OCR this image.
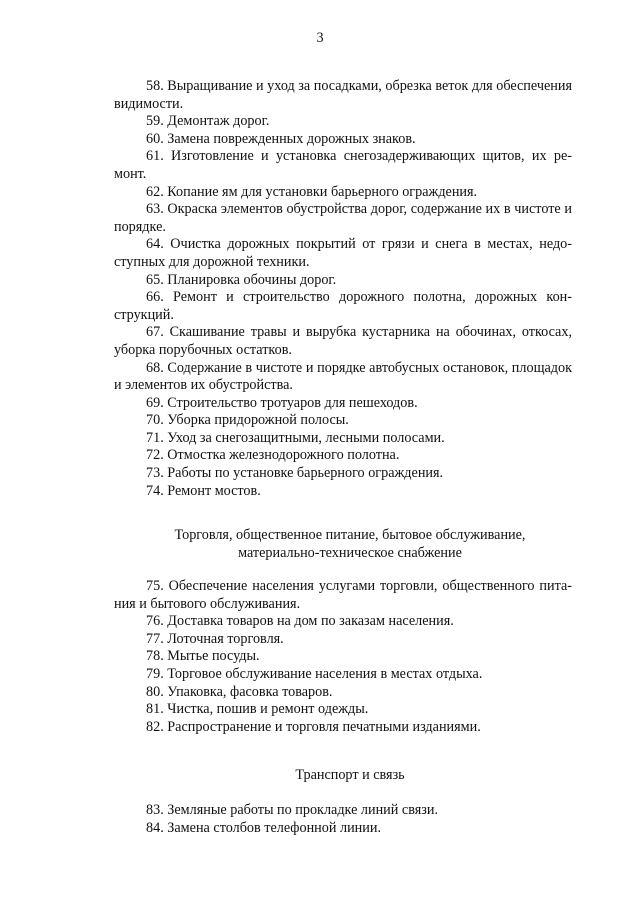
3

58. Выращивание и уход за посадками, обрезка веток для обеспечения видимости.

59. Демонтаж дорог.

60. Замена поврежденных дорожных знаков.

61. Изготовление и установка снегозадерживающих щитов, их ремонт.

62. Копание ям для установки барьерного ограждения.

63. Окраска элементов обустройства дорог, содержание их в чистоте и порядке.

64. Очистка дорожных покрытий от грязи и снега в местах, недоступных для дорожной техники.

65. Планировка обочины дорог.

66. Ремонт и строительство дорожного полотна, дорожных конструкций.

67. Скашивание травы и вырубка кустарника на обочинах, откосах, уборка порубочных остатков.

68. Содержание в чистоте и порядке автобусных остановок, площадок и элементов их обустройства.

69. Строительство тротуаров для пешеходов.

70. Уборка придорожной полосы.

71. Уход за снегозащитными, лесными полосами.

72. Отмостка железнодорожного полотна.

73. Работы по установке барьерного ограждения.

74. Ремонт мостов.

Торговля, общественное питание, бытовое обслуживание,
материально-техническое снабжение

75. Обеспечение населения услугами торговли, общественного питания и бытового обслуживания.

76. Доставка товаров на дом по заказам населения.

77. Лоточная торговля.

78. Мытье посуды.

79. Торговое обслуживание населения в местах отдыха.

80. Упаковка, фасовка товаров.

81. Чистка, пошив и ремонт одежды.

82. Распространение и торговля печатными изданиями.

Транспорт и связь

83. Земляные работы по прокладке линий связи.

84. Замена столбов телефонной линии.
